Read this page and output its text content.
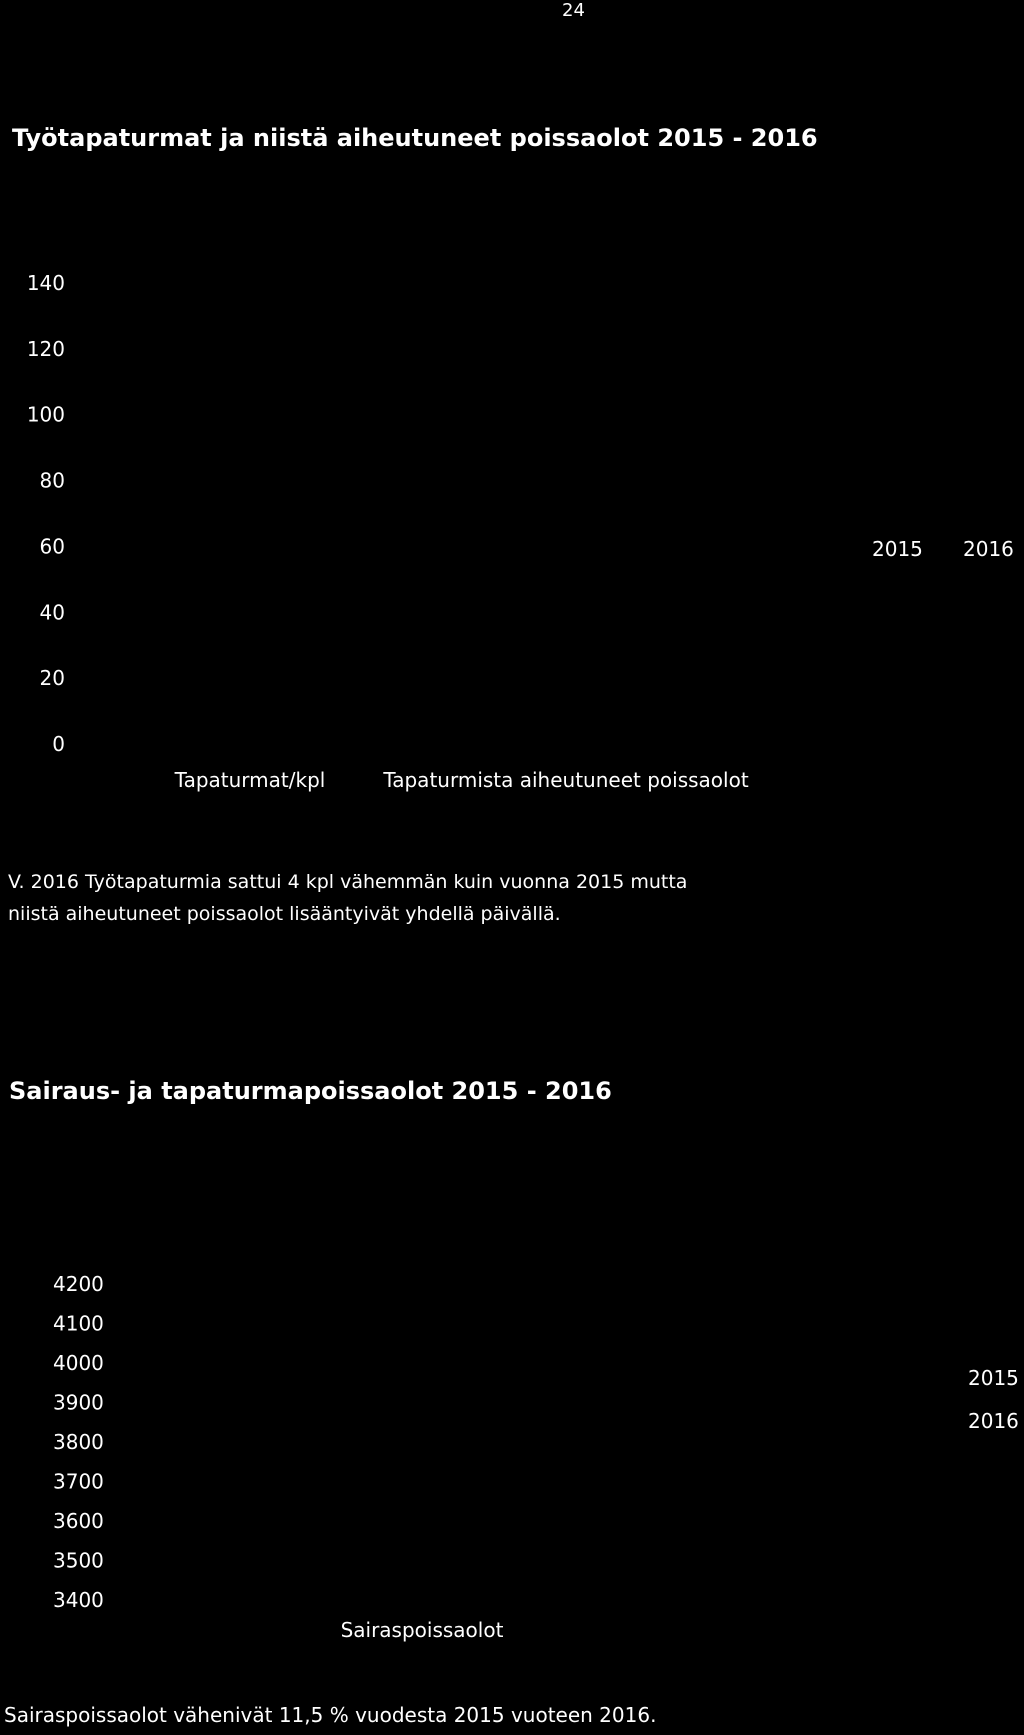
24
Työtapaturmat ja niistä aiheutuneet poissaolot 2015 - 2016
140
120
100
80
60
40
20
0
Tapaturmat/kpl	Tapaturmista aiheutuneet poissaolot
2015 2016
4200
4100
4000
3900
3800
3700
3600
3500
3400
Sairaspoissaolot
2015
2016
V. 2016 Työtapaturmia sattui 4 kpl vähemmän kuin vuonna 2015 mutta
niistä aiheutuneet poissaolot lisääntyivät yhdellä päivällä.
Sairaus- ja tapaturmapoissaolot 2015 - 2016
Sairaspoissaolot vähenivät 11,5 % vuodesta 2015 vuoteen 2016.
